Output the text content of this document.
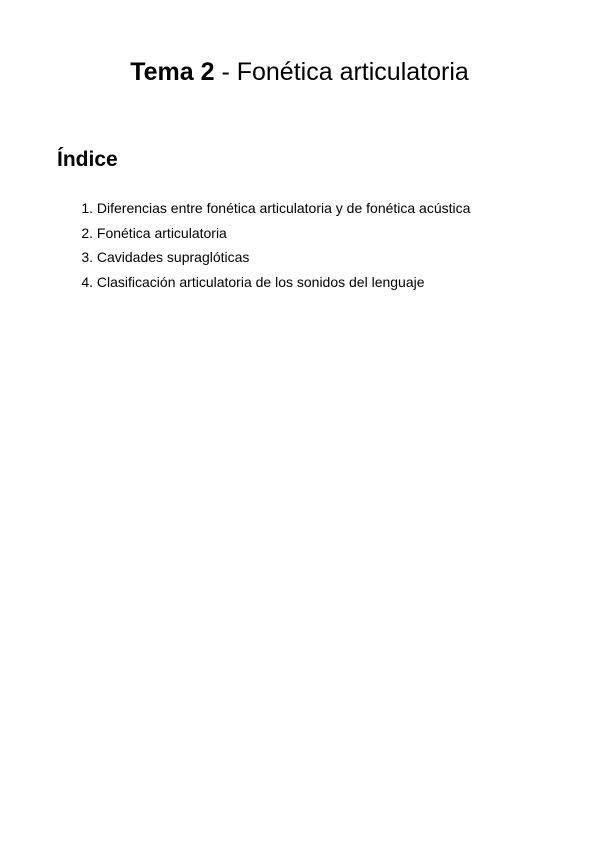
Tema 2 - Fonética articulatoria
Índice
1.
Diferencias entre fonética articulatoria y de fonética acústica
2.
Fonética articulatoria
3.
Cavidades supraglóticas
4.
Clasificación articulatoria de los sonidos del lenguaje
